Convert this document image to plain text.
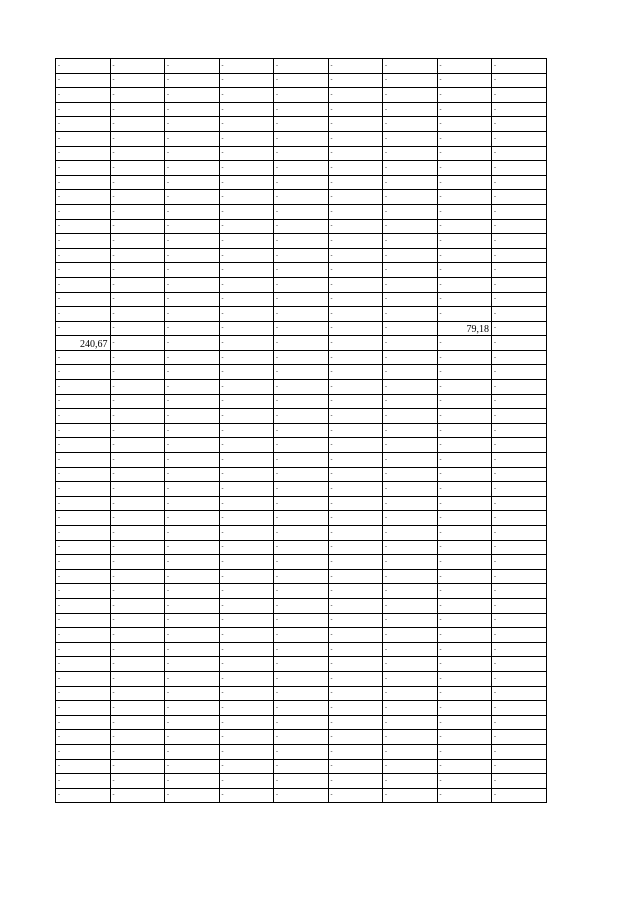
-	-	-	-	-	-	-	-	-
-	-	-	-	-	-	-	-	-
-	-	-	-	-	-	-	-	-
-	-	-	-	-	-	-	-	-
-	-	-	-	-	-	-	-	-
-	-	-	-	-	-	-	-	-
-	-	-	-	-	-	-	-	-
-	-	-	-	-	-	-	-	-
-	-	-	-	-	-	-	-	-
-	-	-	-	-	-	-	-	-
-	-	-	-	-	-	-	-	-
-	-	-	-	-	-	-	-	-
-	-	-	-	-	-	-	-	-
-	-	-	-	-	-	-	-	-
-	-	-	-	-	-	-	-	-
-	-	-	-	-	-	-	-	-
-	-	-	-	-	-	-	-	-
-	-	-	-	-	-	-	-	-
-	-	-	-	-	-	-	79,18	-
240,67	-	-	-	-	-	-	-	-
-	-	-	-	-	-	-	-	-
-	-	-	-	-	-	-	-	-
-	-	-	-	-	-	-	-	-
-	-	-	-	-	-	-	-	-
-	-	-	-	-	-	-	-	-
-	-	-	-	-	-	-	-	-
-	-	-	-	-	-	-	-	-
-	-	-	-	-	-	-	-	-
-	-	-	-	-	-	-	-	-
-	-	-	-	-	-	-	-	-
-	-	-	-	-	-	-	-	-
-	-	-	-	-	-	-	-	-
-	-	-	-	-	-	-	-	-
-	-	-	-	-	-	-	-	-
-	-	-	-	-	-	-	-	-
-	-	-	-	-	-	-	-	-
-	-	-	-	-	-	-	-	-
-	-	-	-	-	-	-	-	-
-	-	-	-	-	-	-	-	-
-	-	-	-	-	-	-	-	-
-	-	-	-	-	-	-	-	-
-	-	-	-	-	-	-	-	-
-	-	-	-	-	-	-	-	-
-	-	-	-	-	-	-	-	-
-	-	-	-	-	-	-	-	-
-	-	-	-	-	-	-	-	-
-	-	-	-	-	-	-	-	-
-	-	-	-	-	-	-	-	-
-	-	-	-	-	-	-	-	-
-	-	-	-	-	-	-	-	-
-	-	-	-	-	-	-	-	-
